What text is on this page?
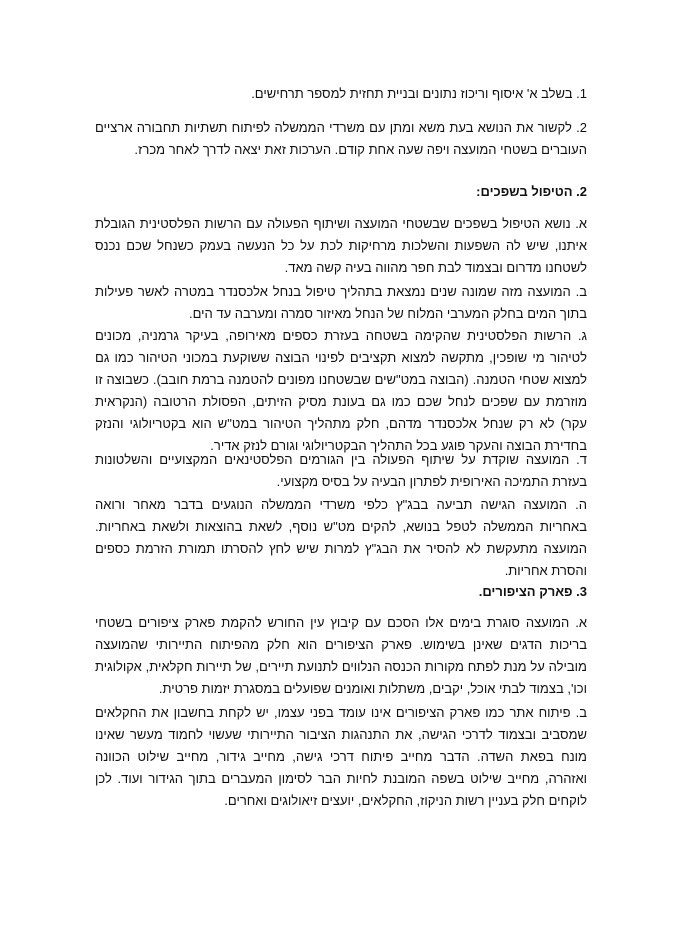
1. בשלב א' איסוף וריכוז נתונים ובניית תחזית למספר תרחישים.

2. לקשור את הנושא בעת משא ומתן עם משרדי הממשלה לפיתוח תשתיות תחבורה ארציים העוברים בשטחי המועצה ויפה שעה אחת קודם. הערכות זאת יצאה לדרך לאחר מכרז.

2. הטיפול בשפכים:

א. נושא הטיפול בשפכים שבשטחי המועצה ושיתוף הפעולה עם הרשות הפלסטינית הגובלת איתנו, שיש לה השפעות והשלכות מרחיקות לכת על כל הנעשה בעמק כשנחל שכם נכנס לשטחנו מדרום ובצמוד לבת חפר מהווה בעיה קשה מאד.

ב. המועצה מזה שמונה שנים נמצאת בתהליך טיפול בנחל אלכסנדר במטרה לאשר פעילות בתוך המים בחלק המערבי המלוח של הנחל מאיזור סמרה ומערבה עד הים.

ג. הרשות הפלסטינית שהקימה בשטחה בעזרת כספים מאירופה, בעיקר גרמניה, מכונים לטיהור מי שופכין, מתקשה למצוא תקציבים לפינוי הבוצה ששוקעת במכוני הטיהור כמו גם למצוא שטחי הטמנה. (הבוצה במט"שים שבשטחנו מפונים להטמנה ברמת חובב). כשבוצה זו מוזרמת עם שפכים לנחל שכם כמו גם בעונת מסיק הזיתים, הפסולת הרטובה (הנקראית עקר) לא רק שנחל אלכסנדר מדהם, חלק מתהליך הטיהור במט"ש הוא בקטריולוגי והנזק בחדירת הבוצה והעקר פוגע בכל התהליך הבקטריולוגי וגורם לנזק אדיר.

ד. המועצה שוקדת על שיתוף הפעולה בין הגורמים הפלסטינאים המקצועיים והשלטונות בעזרת התמיכה האירופית לפתרון הבעיה על בסיס מקצועי.

ה. המועצה הגישה תביעה בבג"ץ כלפי משרדי הממשלה הנוגעים בדבר מאחר ורואה באחריות הממשלה לטפל בנושא, להקים מט"ש נוסף, לשאת בהוצאות ולשאת באחריות. המועצה מתעקשת לא להסיר את הבג"ץ למרות שיש לחץ להסרתו תמורת הזרמת כספים והסרת אחריות.

3. פארק הציפורים.

א. המועצה סוגרת בימים אלו הסכם עם קיבוץ עין החורש להקמת פארק ציפורים בשטחי בריכות הדגים שאינן בשימוש. פארק הציפורים הוא חלק מהפיתוח התיירותי שהמועצה מובילה על מנת לפתח מקורות הכנסה הנלווים לתנועת תיירים, של תיירות חקלאית, אקולוגית וכו', בצמוד לבתי אוכל, יקבים, משתלות ואומנים שפועלים במסגרת יזמות פרטית.

ב. פיתוח אתר כמו פארק הציפורים אינו עומד בפני עצמו, יש לקחת בחשבון את החקלאים שמסביב ובצמוד לדרכי הגישה, את התנהגות הציבור התיירותי שעשוי לחמוד מעשר שאינו מונח בפאת השדה. הדבר מחייב פיתוח דרכי גישה, מחייב גידור, מחייב שילוט הכוונה ואזהרה, מחייב שילוט בשפה המובנת לחיות הבר לסימון המעברים בתוך הגידור ועוד. לכן לוקחים חלק בעניין רשות הניקוז, החקלאים, יועצים זיאולוגים ואחרים.
